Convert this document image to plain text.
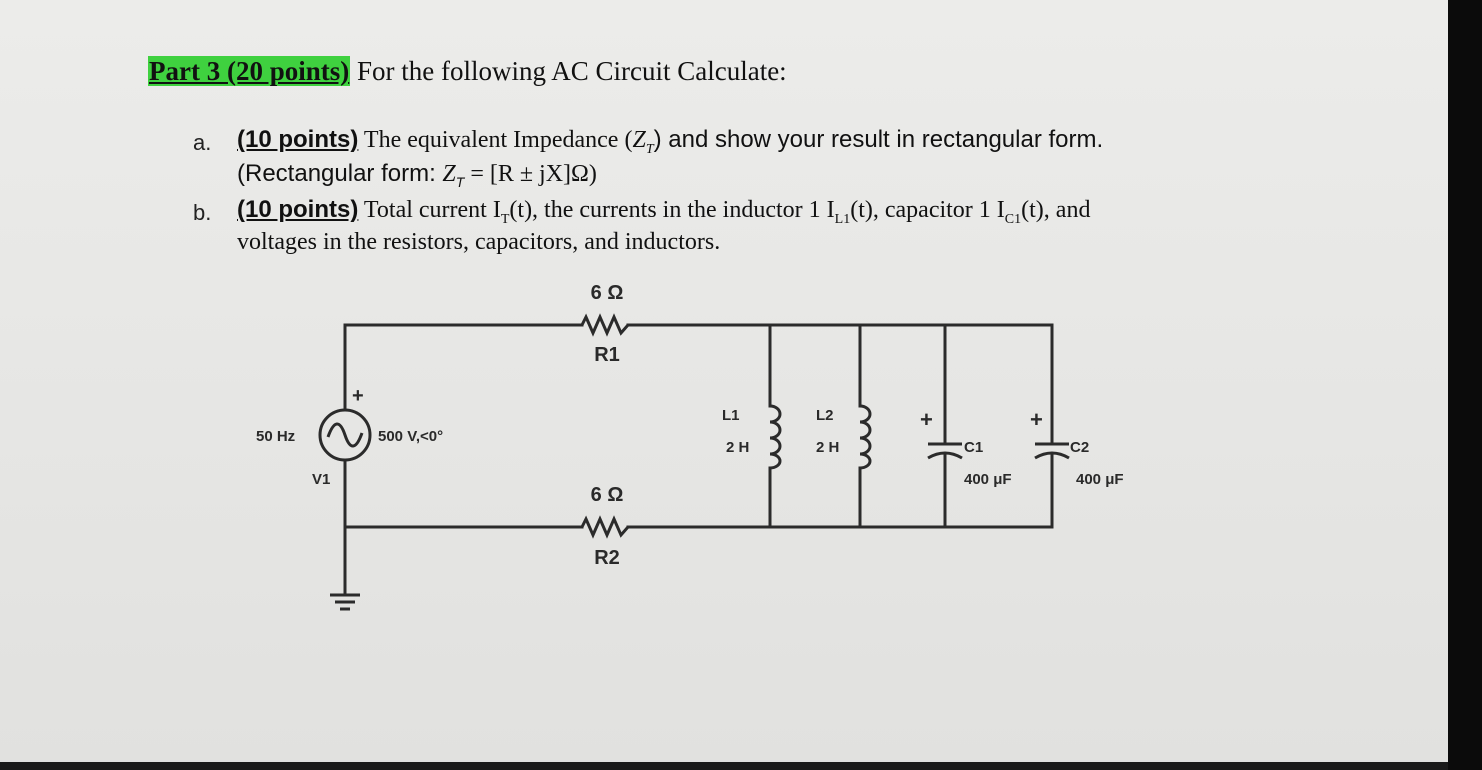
Part 3 (20 points) For the following AC Circuit Calculate:
a. (10 points) The equivalent Impedance $(Z_T)$ and show your result in rectangular form.
(Rectangular form: $Z_T = [R \pm jX]\Omega$)
b. (10 points) Total current $I_T(t)$, the currents in the inductor 1 $I_{L1}(t)$, capacitor 1 $I_{C1}(t)$, and
voltages in the resistors, capacitors, and inductors.
6 Ω
R1
6 Ω
R2
+
50 Hz	500 V,<0°
V1
L1
2 H
L2
2 H
+
C1
400 μF
+
C2
400 μF
